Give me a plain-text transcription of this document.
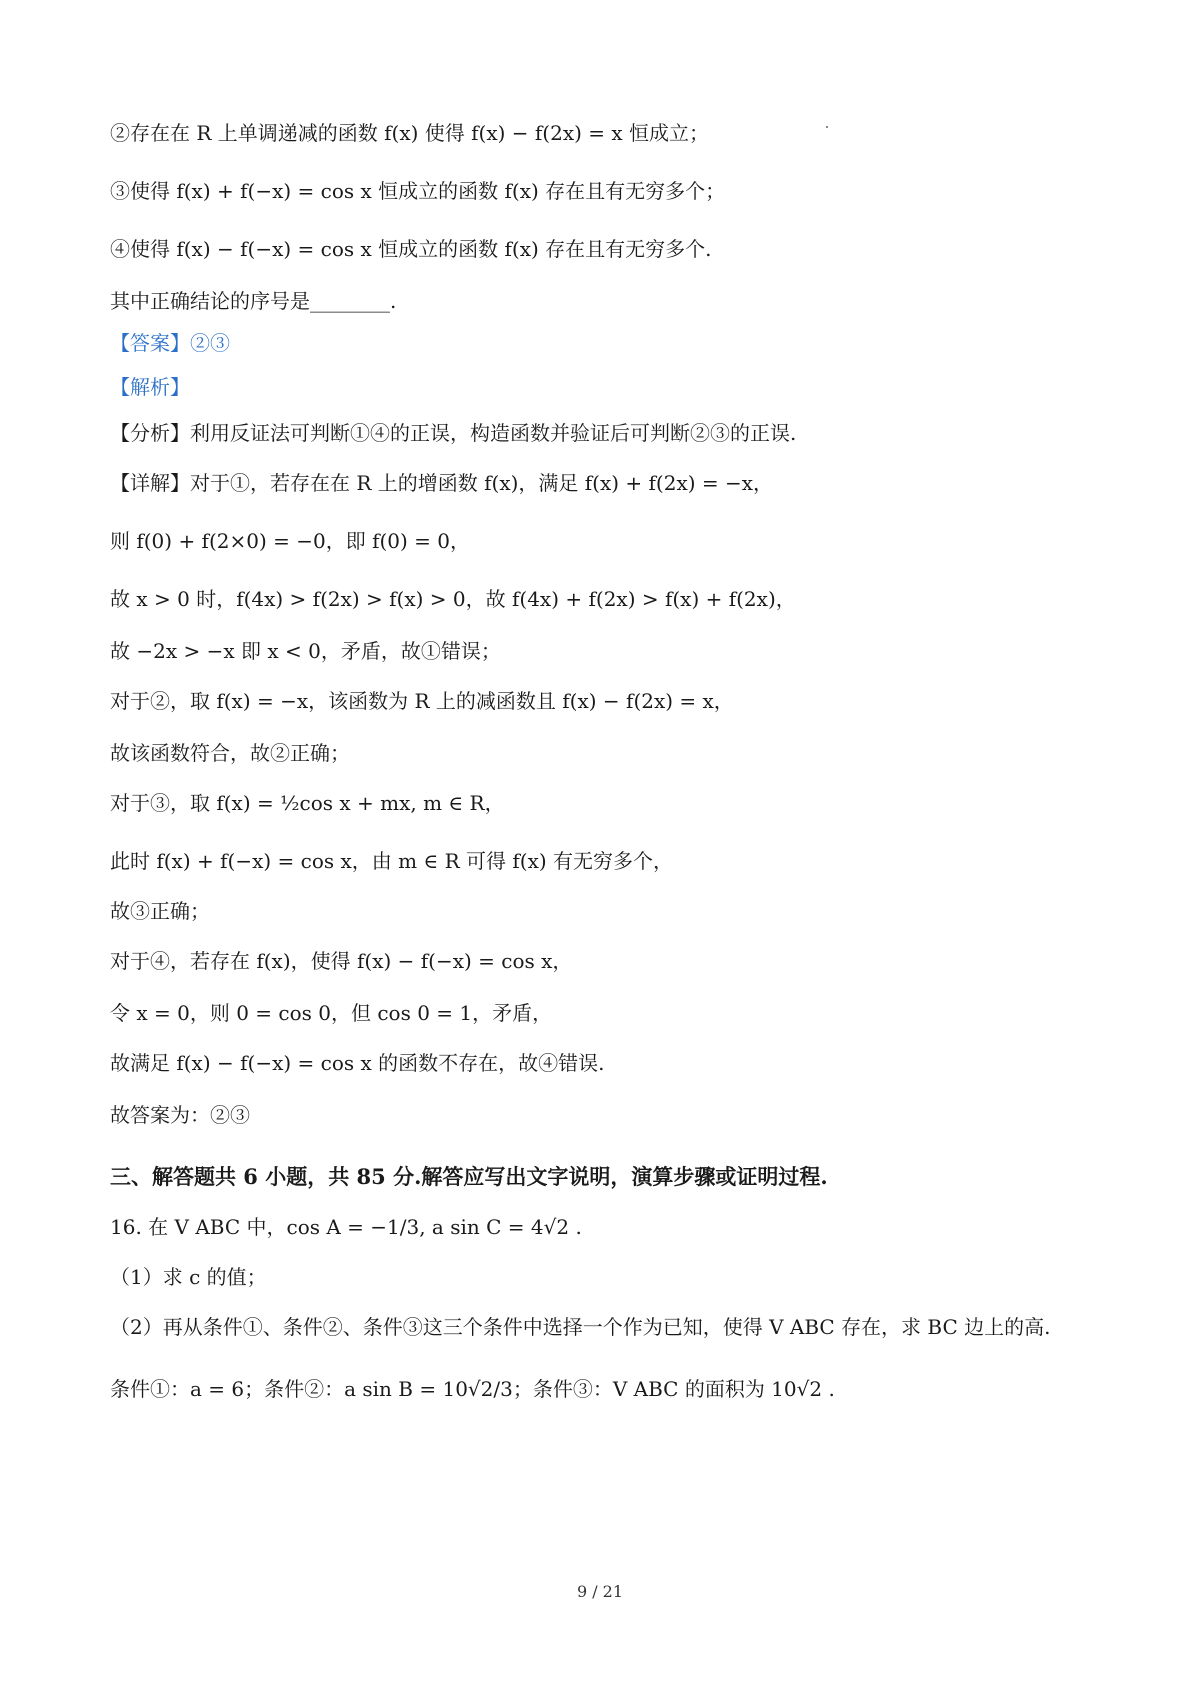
②存在在 R 上单调递减的函数 f(x) 使得 f(x) − f(2x) = x 恒成立；
③使得 f(x) + f(−x) = cos x 恒成立的函数 f(x) 存在且有无穷多个；
④使得 f(x) − f(−x) = cos x 恒成立的函数 f(x) 存在且有无穷多个.
其中正确结论的序号是________.
【答案】②③
【解析】
【分析】利用反证法可判断①④的正误，构造函数并验证后可判断②③的正误.
【详解】对于①，若存在在 R 上的增函数 f(x)，满足 f(x) + f(2x) = −x，
则 f(0) + f(2×0) = −0，即 f(0) = 0，
故 x > 0 时，f(4x) > f(2x) > f(x) > 0，故 f(4x) + f(2x) > f(x) + f(2x)，
故 −2x > −x 即 x < 0，矛盾，故①错误；
对于②，取 f(x) = −x，该函数为 R 上的减函数且 f(x) − f(2x) = x，
故该函数符合，故②正确；
对于③，取 f(x) = ½cos x + mx, m ∈ R，
此时 f(x) + f(−x) = cos x，由 m ∈ R 可得 f(x) 有无穷多个，
故③正确；
对于④，若存在 f(x)，使得 f(x) − f(−x) = cos x，
令 x = 0，则 0 = cos 0，但 cos 0 = 1，矛盾，
故满足 f(x) − f(−x) = cos x 的函数不存在，故④错误.
故答案为：②③
三、解答题共 6 小题，共 85 分.解答应写出文字说明，演算步骤或证明过程.
16. 在 V ABC 中，cos A = −1/3, a sin C = 4√2 .
（1）求 c 的值；
（2）再从条件①、条件②、条件③这三个条件中选择一个作为已知，使得 V ABC 存在，求 BC 边上的高.
条件①：a = 6；条件②：a sin B = 10√2/3；条件③：V ABC 的面积为 10√2 .
9 / 21
